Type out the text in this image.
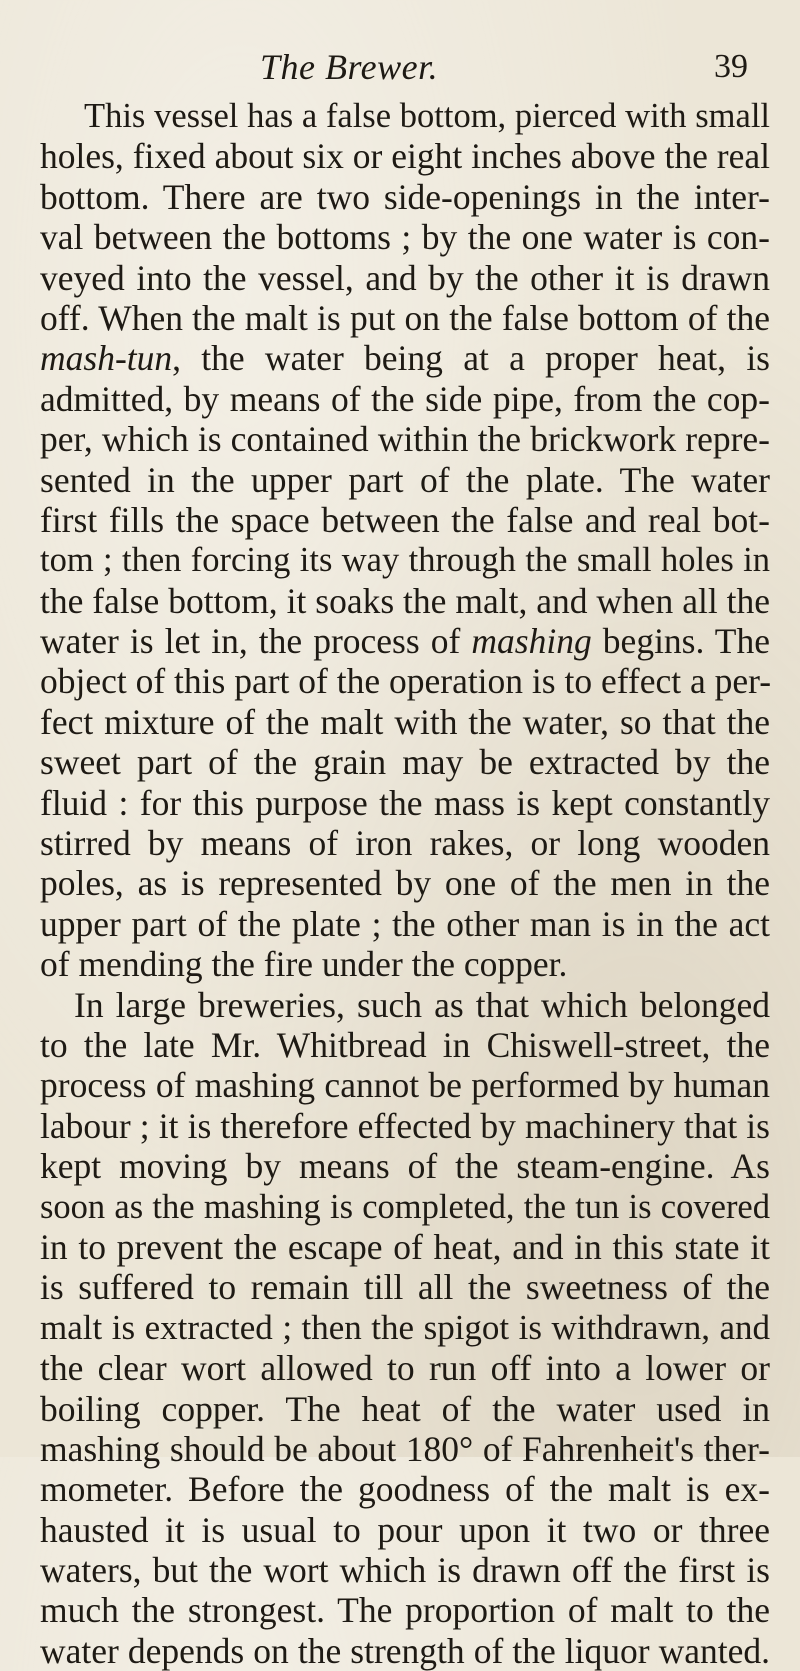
The Brewer.	39
This vessel has a false bottom, pierced with small
holes, fixed about six or eight inches above the real
bottom. There are two side-openings in the inter-
val between the bottoms ; by the one water is con-
veyed into the vessel, and by the other it is drawn
off. When the malt is put on the false bottom of the
mash-tun, the water being at a proper heat, is
admitted, by means of the side pipe, from the cop-
per, which is contained within the brickwork repre-
sented in the upper part of the plate. The water
first fills the space between the false and real bot-
tom ; then forcing its way through the small holes in
the false bottom, it soaks the malt, and when all the
water is let in, the process of mashing begins. The
object of this part of the operation is to effect a per-
fect mixture of the malt with the water, so that the
sweet part of the grain may be extracted by the
fluid : for this purpose the mass is kept constantly
stirred by means of iron rakes, or long wooden
poles, as is represented by one of the men in the
upper part of the plate ; the other man is in the act
of mending the fire under the copper.
In large breweries, such as that which belonged
to the late Mr. Whitbread in Chiswell-street, the
process of mashing cannot be performed by human
labour ; it is therefore effected by machinery that is
kept moving by means of the steam-engine. As
soon as the mashing is completed, the tun is covered
in to prevent the escape of heat, and in this state it
is suffered to remain till all the sweetness of the
malt is extracted ; then the spigot is withdrawn, and
the clear wort allowed to run off into a lower or
boiling copper. The heat of the water used in
mashing should be about 180° of Fahrenheit's ther-
mometer. Before the goodness of the malt is ex-
hausted it is usual to pour upon it two or three
waters, but the wort which is drawn off the first is
much the strongest. The proportion of malt to the
water depends on the strength of the liquor wanted.
